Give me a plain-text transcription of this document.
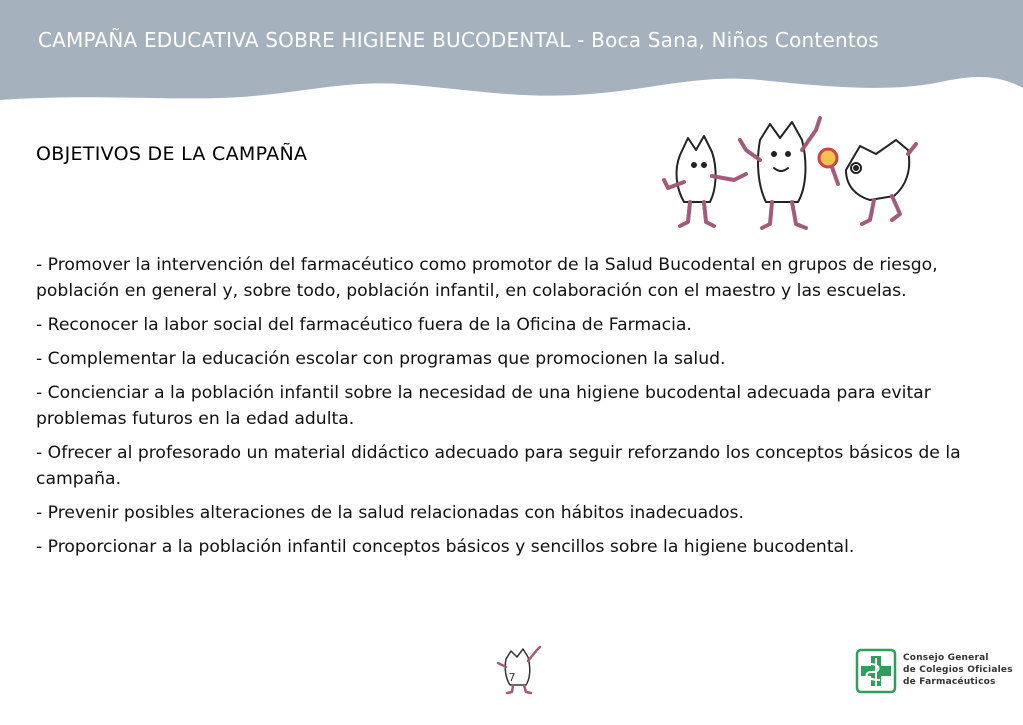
CAMPAÑA EDUCATIVA SOBRE HIGIENE BUCODENTAL - Boca Sana, Niños Contentos
OBJETIVOS DE LA CAMPAÑA
- Promover la intervención del farmacéutico como promotor de la Salud Bucodental en grupos de riesgo, población en general y, sobre todo, población infantil, en colaboración con el maestro y las escuelas.
- Reconocer la labor social del farmacéutico fuera de la Oficina de Farmacia.
- Complementar la educación escolar con programas que promocionen la salud.
- Concienciar a la población infantil sobre la necesidad de una higiene bucodental adecuada para evitar problemas futuros en la edad adulta.
- Ofrecer al profesorado un material didáctico adecuado para seguir reforzando los conceptos básicos de la campaña.
- Prevenir posibles alteraciones de la salud relacionadas con hábitos inadecuados.
- Proporcionar a la población infantil conceptos básicos y sencillos sobre la higiene bucodental.
7
Consejo General
de Colegios Oficiales
de Farmacéuticos
